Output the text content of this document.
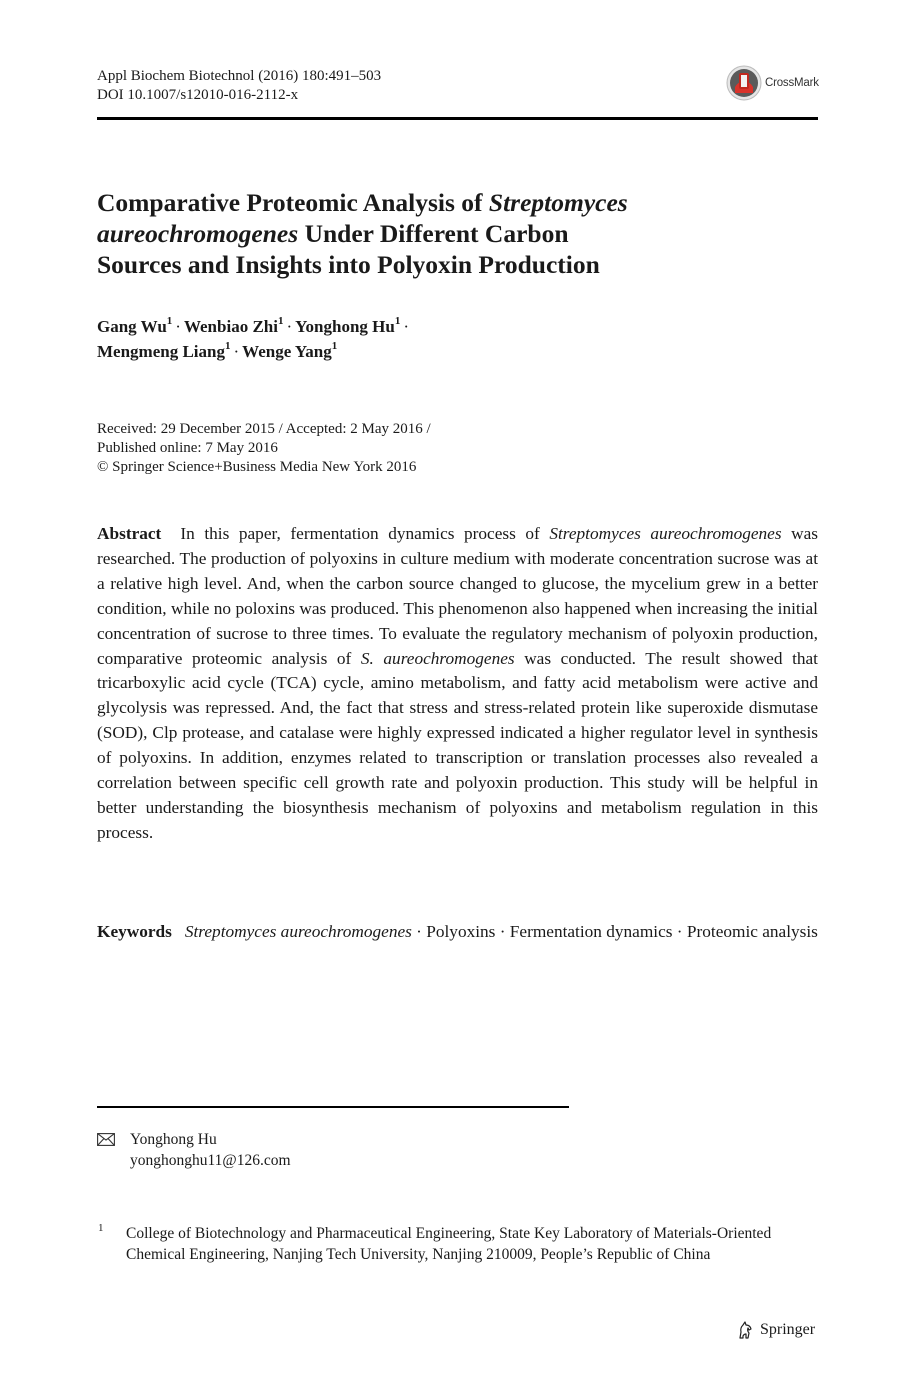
Appl Biochem Biotechnol (2016) 180:491–503
DOI 10.1007/s12010-016-2112-x
CrossMark
Comparative Proteomic Analysis of Streptomyces
aureochromogenes Under Different Carbon
Sources and Insights into Polyoxin Production
Gang $Wu^1$ · Wenbiao Zhi$^1$ · Yonghong $Hu^1$ ·
Mengmeng Liang$^1$ · Wenge Yang$^1$
Received: 29 December 2015 / Accepted: 2 May 2016 /
Published online: 7 May 2016
© Springer Science+Business Media New York 2016

Abstract In this paper, fermentation dynamics process of Streptomyces aureochromogenes was researched. The production of polyoxins in culture medium with moderate concentration sucrose was at a relative high level. And, when the carbon source changed to glucose, the mycelium grew in a better condition, while no poloxins was produced. This phenomenon also happened when increasing the initial concentration of sucrose to three times. To evaluate the regulatory mechanism of polyoxin production, comparative proteomic analysis of S. aureochromogenes was conducted. The result showed that tricarboxylic acid cycle (TCA) cycle, amino metabolism, and fatty acid metabolism were active and glycolysis was repressed. And, the fact that stress and stress-related protein like superoxide dismutase (SOD), Clp protease, and catalase were highly expressed indicated a higher regulator level in synthesis of polyoxins. In addition, enzymes related to transcription or translation processes also revealed a correlation between specific cell growth rate and polyoxin production. This study will be helpful in better understanding the biosynthesis mechanism of polyoxins and metabolism regulation in this process.

Keywords Streptomyces aureochromogenes · Polyoxins · Fermentation dynamics · Proteomic analysis

Yonghong Hu
yonghonghu11@126.com
1 College of Biotechnology and Pharmaceutical Engineering, State Key Laboratory of Materials-Oriented Chemical Engineering, Nanjing Tech University, Nanjing 210009, People’s Republic of China
Springer
